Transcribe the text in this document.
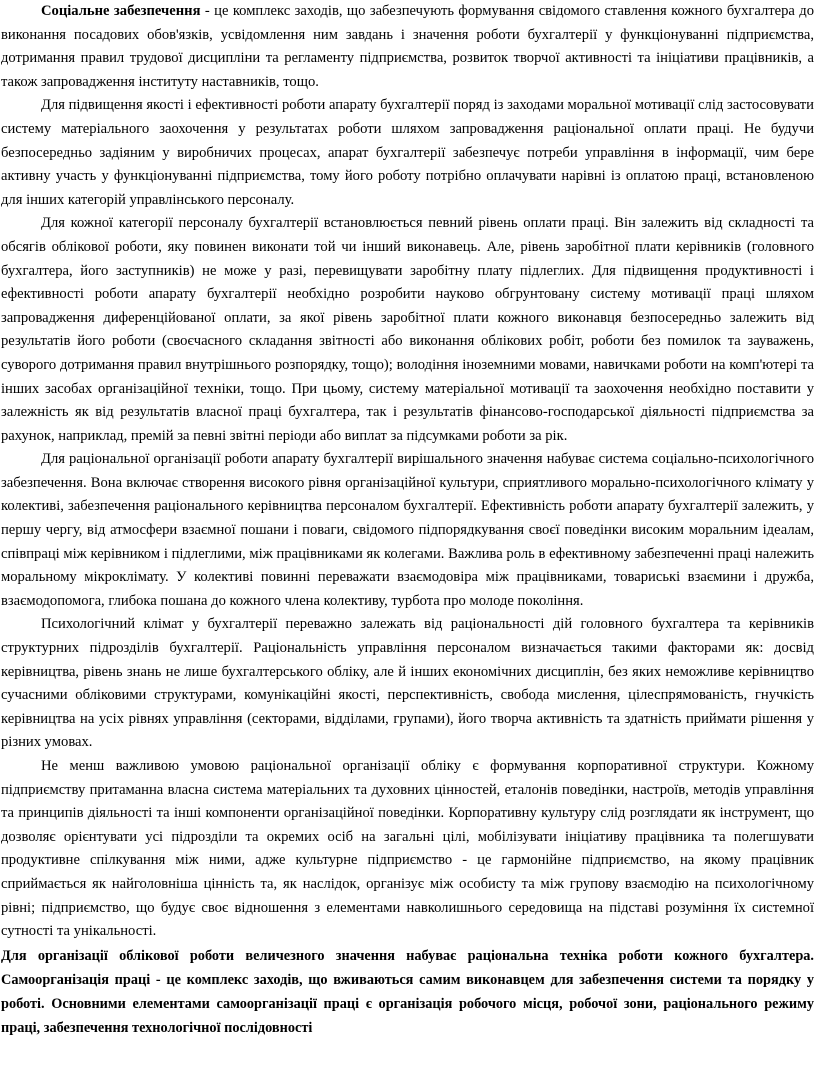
Соціальне забезпечення - це комплекс заходів, що забезпечують формування свідомого ставлення кожного бухгалтера до виконання посадових обов'язків, усвідомлення ним завдань і значення роботи бухгалтерії у функціонуванні підприємства, дотримання правил трудової дисципліни та регламенту підприємства, розвиток творчої активності та ініціативи працівників, а також запровадження інституту наставників, тощо.

Для підвищення якості і ефективності роботи апарату бухгалтерії поряд із заходами моральної мотивації слід застосовувати систему матеріального заохочення у результатах роботи шляхом запровадження раціональної оплати праці. Не будучи безпосередньо задіяним у виробничих процесах, апарат бухгалтерії забезпечує потреби управління в інформації, чим бере активну участь у функціонуванні підприємства, тому його роботу потрібно оплачувати нарівні із оплатою праці, встановленою для інших категорій управлінського персоналу.

Для кожної категорії персоналу бухгалтерії встановлюється певний рівень оплати праці. Він залежить від складності та обсягів облікової роботи, яку повинен виконати той чи інший виконавець. Але, рівень заробітної плати керівників (головного бухгалтера, його заступників) не може у разі, перевищувати заробітну плату підлеглих. Для підвищення продуктивності і ефективності роботи апарату бухгалтерії необхідно розробити науково обгрунтовану систему мотивації праці шляхом запровадження диференційованої оплати, за якої рівень заробітної плати кожного виконавця безпосередньо залежить від результатів його роботи (своєчасного складання звітності або виконання облікових робіт, роботи без помилок та зауважень, суворого дотримання правил внутрішнього розпорядку, тощо); володіння іноземними мовами, навичками роботи на комп'ютері та інших засобах організаційної техніки, тощо. При цьому, систему матеріальної мотивації та заохочення необхідно поставити у залежність як від результатів власної праці бухгалтера, так і результатів фінансово-господарської діяльності підприємства за рахунок, наприклад, премій за певні звітні періоди або виплат за підсумками роботи за рік.

Для раціональної організації роботи апарату бухгалтерії вирішального значення набуває система соціально-психологічного забезпечення. Вона включає створення високого рівня організаційної культури, сприятливого морально-психологічного клімату у колективі, забезпечення раціонального керівництва персоналом бухгалтерії. Ефективність роботи апарату бухгалтерії залежить, у першу чергу, від атмосфери взаємної пошани і поваги, свідомого підпорядкування своєї поведінки високим моральним ідеалам, співпраці між керівником і підлеглими, між працівниками як колегами. Важлива роль в ефективному забезпеченні праці належить моральному мікроклімату. У колективі повинні переважати взаємодовіра між працівниками, товариські взаємини і дружба, взаємодопомога, глибока пошана до кожного члена колективу, турбота про молоде покоління.

Психологічний клімат у бухгалтерії переважно залежать від раціональності дій головного бухгалтера та керівників структурних підрозділів бухгалтерії. Раціональність управління персоналом визначається такими факторами як: досвід керівництва, рівень знань не лише бухгалтерського обліку, але й інших економічних дисциплін, без яких неможливе керівництво сучасними обліковими структурами, комунікаційні якості, перспективність, свобода мислення, цілеспрямованість, гнучкість керівництва на усіх рівнях управління (секторами, відділами, групами), його творча активність та здатність приймати рішення у різних умовах.

Не менш важливою умовою раціональної організації обліку є формування корпоративної структури. Кожному підприємству притаманна власна система матеріальних та духовних цінностей, еталонів поведінки, настроїв, методів управління та принципів діяльності та інші компоненти організаційної поведінки. Корпоративну культуру слід розглядати як інструмент, що дозволяє орієнтувати усі підрозділи та окремих осіб на загальні цілі, мобілізувати ініціативу працівника та полегшувати продуктивне спілкування між ними, адже культурне підприємство - це гармонійне підприємство, на якому працівник сприймається як найголовніша цінність та, як наслідок, організує між особисту та між групову взаємодію на психологічному рівні; підприємство, що будує своє відношення з елементами навколишнього середовища на підставі розуміння їх системної сутності та унікальності.

Для організації облікової роботи величезного значення набуває раціональна техніка роботи кожного бухгалтера. Самоорганізація праці - це комплекс заходів, що вживаються самим виконавцем для забезпечення системи та порядку у роботі. Основними елементами самоорганізації праці є організація робочого місця, робочої зони, раціонального режиму праці, забезпечення технологічної послідовності
